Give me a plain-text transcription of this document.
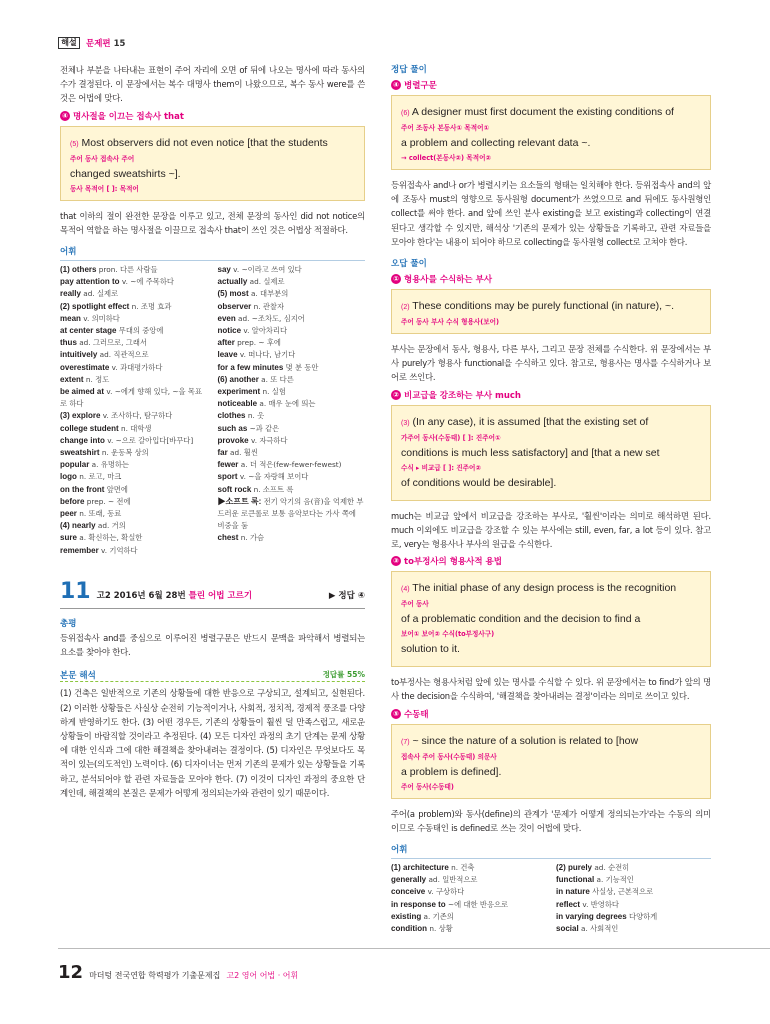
해설	문제편 15

전체나 부분을 나타내는 표현이 주어 자리에 오면 of 뒤에 나오는 명사에 따라 동사의 수가 결정된다. 이 문장에서는 복수 대명사 them이 나왔으므로, 복수 동사 were를 쓴 것은 어법에 맞다.

④ 명사절을 이끄는 접속사 that
(5) Most observers did not even notice [that the students
주어 동사 접속사 주어
changed sweatshirts ~].
동사 목적어 [ ]: 목적어

that 이하의 절이 완전한 문장을 이루고 있고, 전체 문장의 동사인 did not notice의 목적어 역할을 하는 명사절을 이끌므로 접속사 that이 쓰인 것은 어법상 적절하다.

어휘
(1) others pron. 다른 사람들
pay attention to v. ~에 주목하다
really ad. 실제로
(2) spotlight effect n. 조명 효과
mean v. 의미하다
at center stage 무대의 중앙에
thus ad. 그러므로, 그래서
intuitively ad. 직관적으로
overestimate v. 과대평가하다
extent n. 정도
be aimed at v. ~에게 향해 있다, ~을 목표로 하다
(3) explore v. 조사하다, 탐구하다
college student n. 대학생
change into v. ~으로 갈아입다[바꾸다]
sweatshirt n. 운동복 상의
popular a. 유명하는
logo n. 로고, 마크
on the front 앞면에
before prep. ~ 전에
peer n. 또래, 동료
(4) nearly ad. 거의
sure a. 확신하는, 확실한
remember v. 기억하다
say v. ~이라고 쓰여 있다
actually ad. 실제로
(5) most a. 대부분의
observer n. 관찰자
even ad. ~조차도, 심지어
notice v. 알아차리다
after prep. ~ 후에
leave v. 떠나다, 남기다
for a few minutes 몇 분 동안
(6) another a. 또 다른
experiment n. 실험
noticeable a. 매우 눈에 띄는
clothes n. 옷
such as ~과 같은
provoke v. 자극하다
far ad. 훨씬
fewer a. 더 적은(few-fewer-fewest)
sport v. ~을 자랑해 보이다
soft rock n. 소프트 록
▶소프트 록: 전기 악기의 음(音)을 억제한 부드러운 로큰롤로 보통 음악보다는 가사 쪽에 비중을 둠
chest n. 가슴
11 고2 2016년 6월 28번 틀린 어법 고르기	▶ 정답 ④
총평

등위접속사 and를 중심으로 이루어진 병렬구문은 반드시 문맥을 파악해서 병렬되는 요소를 찾아야 한다.

본문 해석	정답률 55%

(1) 건축은 일반적으로 기존의 상황들에 대한 반응으로 구상되고, 설계되고, 실현된다. (2) 이러한 상황들은 사실상 순전히 기능적이거나, 사회적, 정치적, 경제적 풍조를 다양하게 반영하기도 한다. (3) 어떤 경우든, 기존의 상황들이 훨씬 덜 만족스럽고, 새로운 상황들이 바람직할 것이라고 추정된다. (4) 모든 디자인 과정의 초기 단계는 문제 상황에 대한 인식과 그에 대한 해결책을 찾아내려는 결정이다. (5) 디자인은 무엇보다도 목적이 있는(의도적인) 노력이다. (6) 디자이너는 먼저 기존의 문제가 있는 상황들을 기록하고, 분석되어야 할 관련 자료들을 모아야 한다. (7) 이것이 디자인 과정의 중요한 단계인데, 해결책의 본질은 문제가 어떻게 정의되는가와 관련이 있기 때문이다.

정답 풀이
④ 병렬구문
(6) A designer must first document the existing conditions of
주어 조동사 본동사① 목적어①
a problem and collecting relevant data ~.
→ collect(본동사②) 목적어②

등위접속사 and나 or가 병렬시키는 요소들의 형태는 일치해야 한다. 등위접속사 and의 앞에 조동사 must의 영향으로 동사원형 document가 쓰였으므로 and 뒤에도 동사원형인 collect를 써야 한다. and 앞에 쓰인 분사 existing을 보고 existing과 collecting이 연결된다고 생각할 수 있지만, 해석상 '기존의 문제가 있는 상황들을 기록하고, 관련 자료들을 모아야 한다'는 내용이 되어야 하므로 collecting을 동사원형 collect로 고쳐야 한다.

오답 풀이
① 형용사를 수식하는 부사
(2) These conditions may be purely functional (in nature), ~.
주어 동사 부사 수식 형용사(보어)

부사는 문장에서 동사, 형용사, 다른 부사, 그리고 문장 전체를 수식한다. 위 문장에서는 부사 purely가 형용사 functional을 수식하고 있다. 참고로, 형용사는 명사를 수식하거나 보어로 쓰인다.

② 비교급을 강조하는 부사 much
(3) (In any case), it is assumed [that the existing set of
가주어 동사(수동태) [ ]: 진주어①
conditions is much less satisfactory] and [that a new set
수식 ▸ 비교급 [ ]: 진주어②
of conditions would be desirable].

much는 비교급 앞에서 비교급을 강조하는 부사로, '훨씬'이라는 의미로 해석하면 된다. much 이외에도 비교급을 강조할 수 있는 부사에는 still, even, far, a lot 등이 있다. 참고로, very는 형용사나 부사의 원급을 수식한다.

③ to부정사의 형용사적 용법
(4) The initial phase of any design process is the recognition
주어 동사
of a problematic condition and the decision to find a
보어① 보어② 수식(to부정사구)
solution to it.

to부정사는 형용사처럼 앞에 있는 명사를 수식할 수 있다. 위 문장에서는 to find가 앞의 명사 the decision을 수식하여, '해결책을 찾아내려는 결정'이라는 의미로 쓰이고 있다.

⑤ 수동태
(7) ~ since the nature of a solution is related to [how
접속사 주어 동사(수동태) 의문사
a problem is defined].
주어 동사(수동태)

주어(a problem)와 동사(define)의 관계가 '문제가 어떻게 정의되는가'라는 수동의 의미이므로 수동태인 is defined로 쓰는 것이 어법에 맞다.

어휘
(1) architecture n. 건축
generally ad. 일반적으로
conceive v. 구상하다
in response to ~에 대한 반응으로
existing a. 기존의
condition n. 상황
(2) purely ad. 순전히
functional a. 기능적인
in nature 사실상, 근본적으로
reflect v. 반영하다
in varying degrees 다양하게
social a. 사회적인
12 마더텅 전국연합 학력평가 기출문제집 고2 영어 어법 · 어휘
